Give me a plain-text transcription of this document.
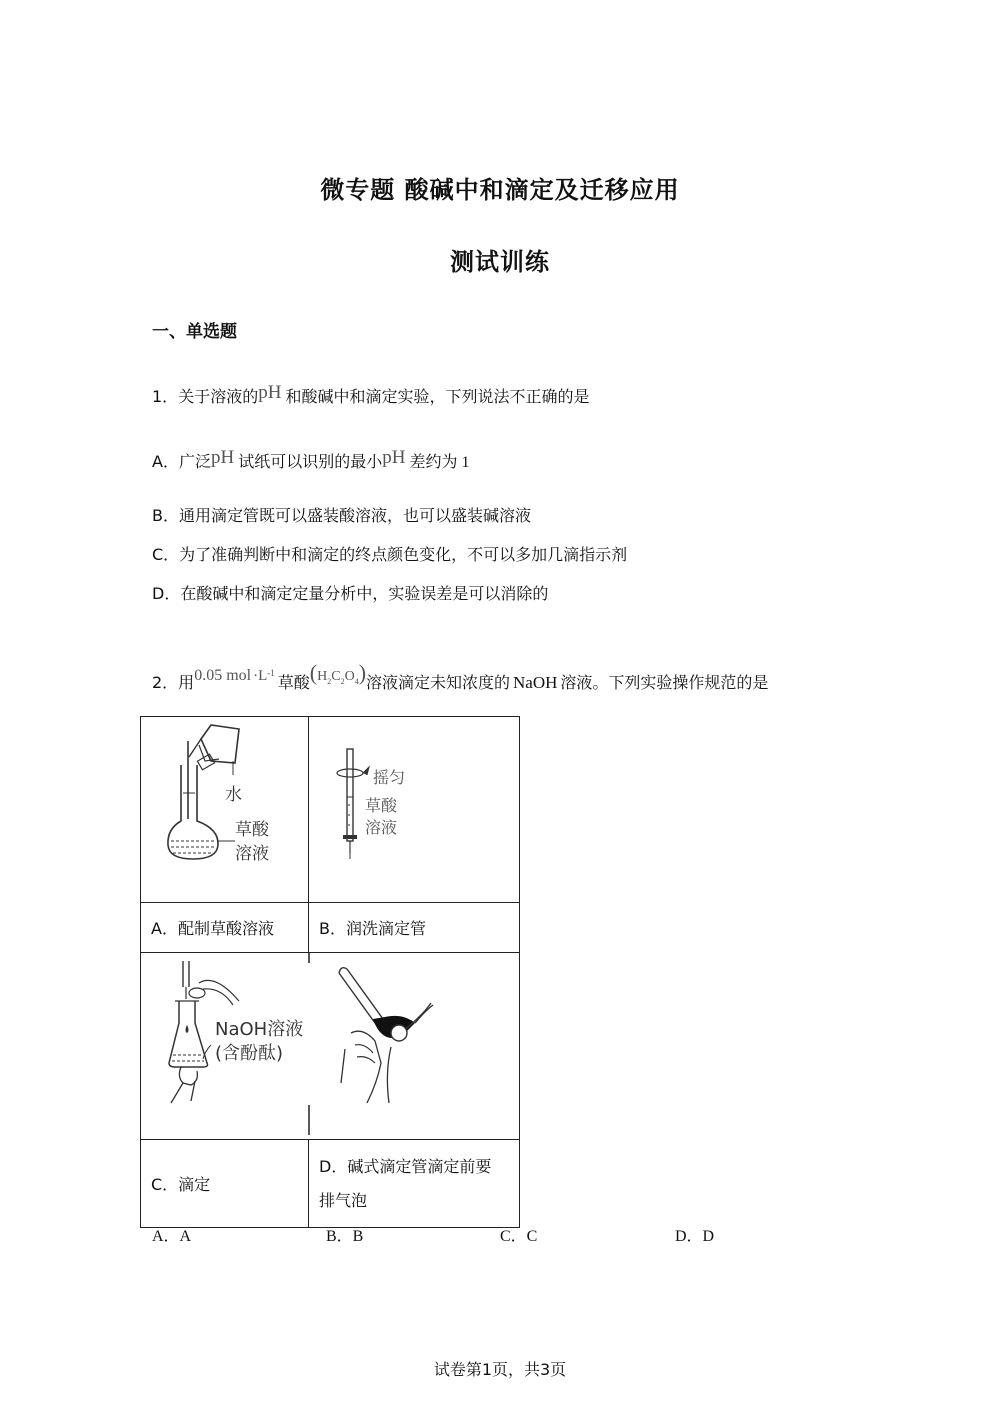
微专题 酸碱中和滴定及迁移应用
测试训练
一、单选题
1．关于溶液的pH 和酸碱中和滴定实验，下列说法不正确的是
A．广泛pH 试纸可以识别的最小pH 差约为 1
B．通用滴定管既可以盛装酸溶液，也可以盛装碱溶液
C．为了准确判断中和滴定的终点颜色变化，不可以多加几滴指示剂
D．在酸碱中和滴定定量分析中，实验误差是可以消除的
2．用0.05 mol $\cdot L^{-1}$草酸$(H_2C_2O_4)$溶液滴定未知浓度的 NaOH 溶液。下列实验操作规范的是
水
草酸
溶液	摇匀
草酸
溶液

A．配制草酸溶液	B．润洗滴定管

NaOH溶液
(含酚酞)	

C．滴定	D．碱式滴定管滴定前要
排气泡
A．A	B．B	C．C	D．D
试卷第1页，共3页
